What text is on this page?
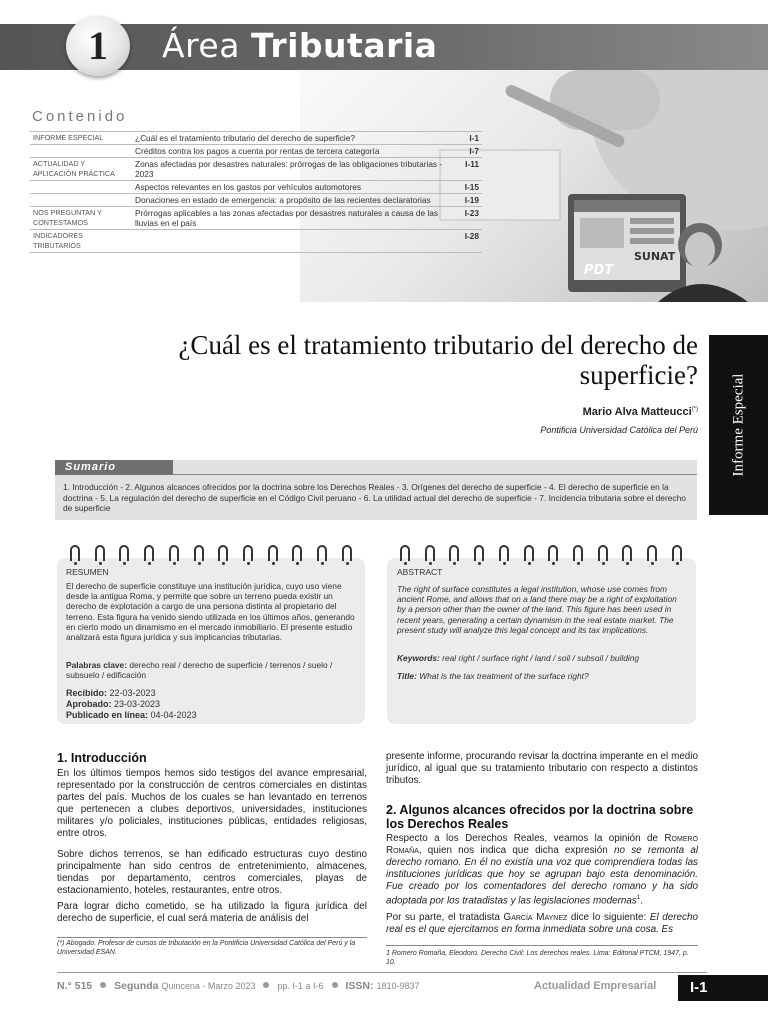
1	Área Tributaria
PDT
SUNAT
Contenido
INFORME ESPECIAL	¿Cuál es el tratamiento tributario del derecho de superficie?	I-1
	Créditos contra los pagos a cuenta por rentas de tercera categoría	I-7
ACTUALIDAD Y APLICACIÓN PRÁCTICA	Zonas afectadas por desastres naturales: prórrogas de las obligaciones tributarias - 2023	I-11
	Aspectos relevantes en los gastos por vehículos automotores	I-15
	Donaciones en estado de emergencia: a propósito de las recientes declaratorias	I-19
NOS PREGUNTAN Y CONTESTAMOS	Prórrogas aplicables a las zonas afectadas por desastres naturales a causa de las lluvias en el país	I-23
INDICADORES TRIBUTARIOS		I-28
¿Cuál es el tratamiento tributario del derecho de superficie?
Mario Alva Matteucci(*)
Pontificia Universidad Católica del Perú Informe Especial
Sumario
1. Introducción - 2. Algunos alcances ofrecidos por la doctrina sobre los Derechos Reales - 3. Orígenes del derecho de superficie - 4. El derecho de superficie en la doctrina - 5. La regulación del derecho de superficie en el Código Civil peruano - 6. La utilidad actual del derecho de superficie - 7. Incidencia tributaria sobre el derecho de superficie
RESUMEN
El derecho de superficie constituye una institución jurídica, cuyo uso viene desde la antigua Roma, y permite que sobre un terreno pueda existir un derecho de explotación a cargo de una persona distinta al propietario del terreno. Esta figura ha venido siendo utilizada en los últimos años, generando en cierto modo un dinamismo en el mercado inmobiliario. El presente estudio analizará esta figura jurídica y sus implicancias tributarias.
Palabras clave: derecho real / derecho de superficie / terrenos / suelo / subsuelo / edificación
Recibido: 22-03-2023
Aprobado: 23-03-2023
Publicado en línea: 04-04-2023
ABSTRACT
The right of surface constitutes a legal institution, whose use comes from ancient Rome, and allows that on a land there may be a right of exploitation by a person other than the owner of the land. This figure has been used in recent years, generating a certain dynamism in the real estate market. The present study will analyze this legal concept and its tax implications.
Keywords: real right / surface right / land / soil / subsoil / building
Title: What is the tax treatment of the surface right?
1. Introducción
En los últimos tiempos hemos sido testigos del avance empresarial, representado por la construcción de centros comerciales en distintas partes del país. Muchos de los cuales se han levantado en terrenos que pertenecen a clubes deportivos, universidades, instituciones militares y/o policiales, instituciones públicas, entidades religiosas, entre otros.
Sobre dichos terrenos, se han edificado estructuras cuyo destino principalmente han sido centros de entretenimiento, almacenes, tiendas por departamento, centros comerciales, playas de estacionamiento, hoteles, restaurantes, entre otros.
Para lograr dicho cometido, se ha utilizado la figura jurídica del derecho de superficie, el cual será materia de análisis del
presente informe, procurando revisar la doctrina imperante en el medio jurídico, al igual que su tratamiento tributario con respecto a distintos tributos.
2. Algunos alcances ofrecidos por la doctrina sobre los Derechos Reales
Respecto a los Derechos Reales, veamos la opinión de Romero Romaña, quien nos indica que dicha expresión no se remonta al derecho romano. En él no existía una voz que comprendiera todas las instituciones jurídicas que hoy se agrupan bajo esta denominación. Fue creado por los comentadores del derecho romano y ha sido adoptada por los tratadistas y las legislaciones modernas$^1$.
Por su parte, el tratadista García Maynez dice lo siguiente: El derecho real es el que ejercitamos en forma inmediata sobre una cosa. Es
(*) Abogado. Profesor de cursos de tributación en la Pontificia Universidad Católica del Perú y la Universidad ESAN.	1 Romero Romaña, Eleodoro. Derecho Civil: Los derechos reales. Lima: Editorial PTCM, 1947, p. 10.
N.° 515 Segunda Quincena - Marzo 2023 pp. I-1 a I-6 ISSN: 1810-9837	Actualidad Empresarial	I-1
